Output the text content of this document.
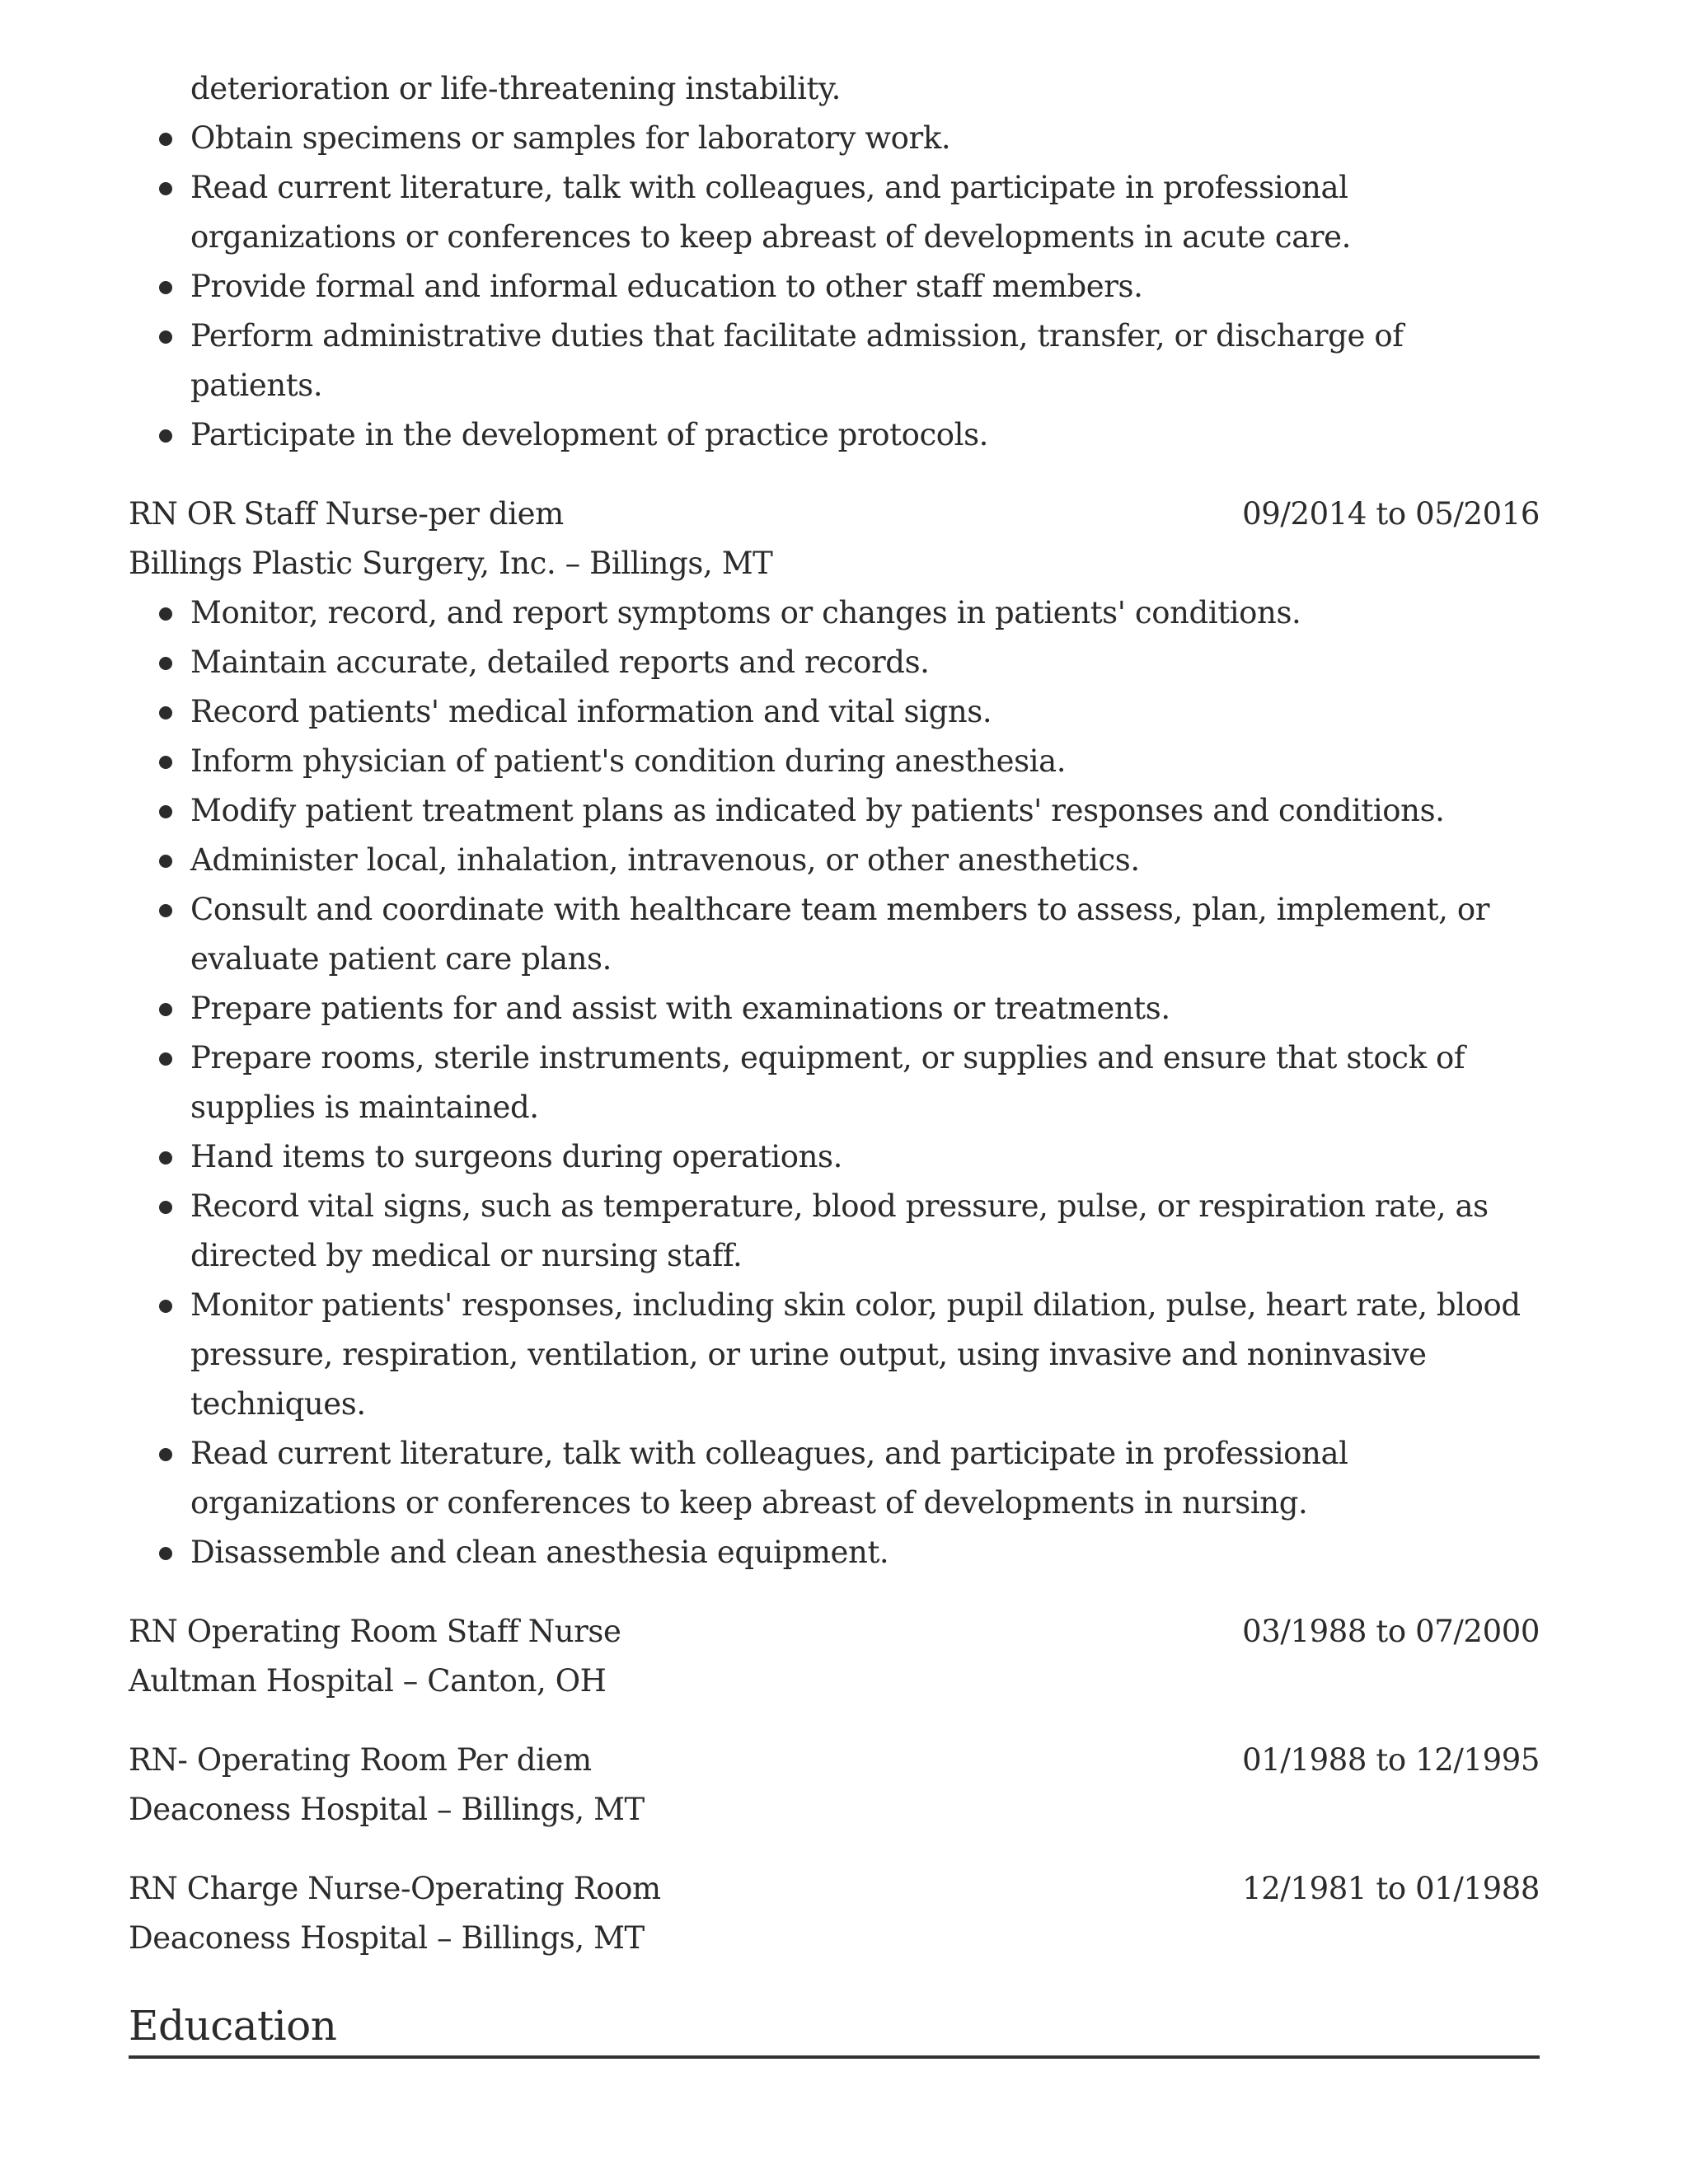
deterioration or life-threatening instability.
Obtain specimens or samples for laboratory work.
Read current literature, talk with colleagues, and participate in professional organizations or conferences to keep abreast of developments in acute care.
Provide formal and informal education to other staff members.
Perform administrative duties that facilitate admission, transfer, or discharge of patients.
Participate in the development of practice protocols.
RN OR Staff Nurse-per diem	09/2014 to 05/2016
Billings Plastic Surgery, Inc. – Billings, MT
Monitor, record, and report symptoms or changes in patients' conditions.
Maintain accurate, detailed reports and records.
Record patients' medical information and vital signs.
Inform physician of patient's condition during anesthesia.
Modify patient treatment plans as indicated by patients' responses and conditions.
Administer local, inhalation, intravenous, or other anesthetics.
Consult and coordinate with healthcare team members to assess, plan, implement, or evaluate patient care plans.
Prepare patients for and assist with examinations or treatments.
Prepare rooms, sterile instruments, equipment, or supplies and ensure that stock of supplies is maintained.
Hand items to surgeons during operations.
Record vital signs, such as temperature, blood pressure, pulse, or respiration rate, as directed by medical or nursing staff.
Monitor patients' responses, including skin color, pupil dilation, pulse, heart rate, blood pressure, respiration, ventilation, or urine output, using invasive and noninvasive techniques.
Read current literature, talk with colleagues, and participate in professional organizations or conferences to keep abreast of developments in nursing.
Disassemble and clean anesthesia equipment.
RN Operating Room Staff Nurse	03/1988 to 07/2000
Aultman Hospital – Canton, OH
RN- Operating Room Per diem	01/1988 to 12/1995
Deaconess Hospital – Billings, MT
RN Charge Nurse-Operating Room	12/1981 to 01/1988
Deaconess Hospital – Billings, MT
Education
